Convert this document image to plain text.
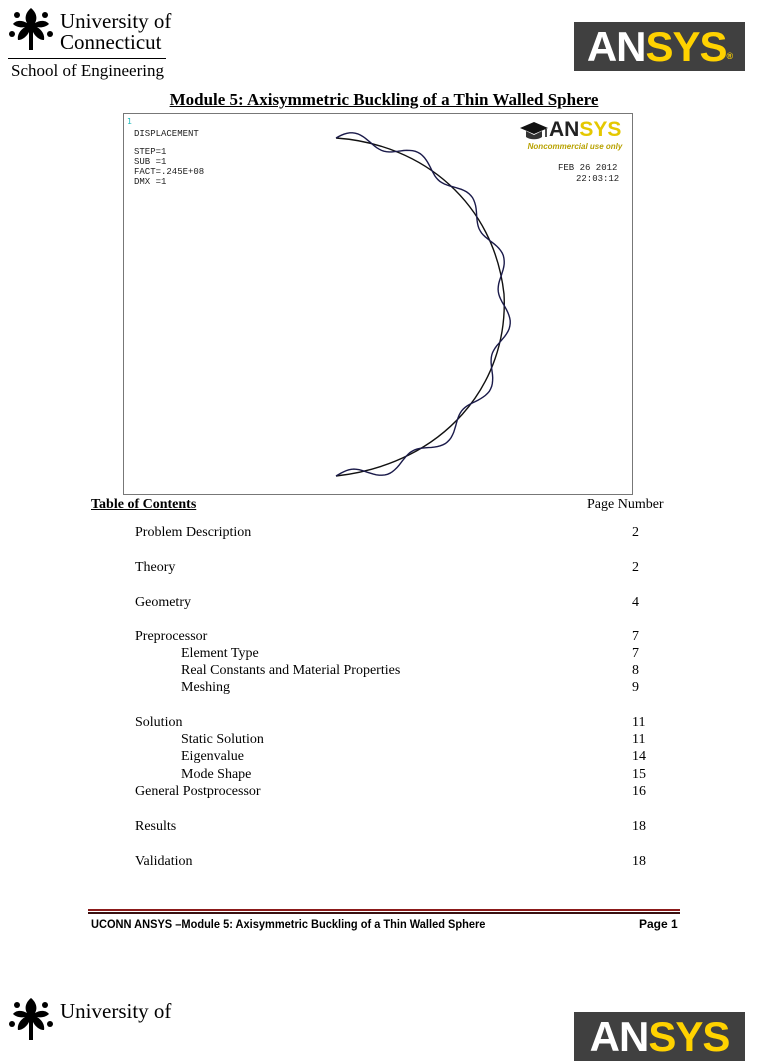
University of
Connecticut
School of Engineering
ANSYS®
Module 5: Axisymmetric Buckling of a Thin Walled Sphere
1
DISPLACEMENT
STEP=1
SUB =1
FACT=.245E+08
DMX =1
FEB 26 2012
22:03:12
ANSYS
Noncommercial use only
Table of Contents	Page Number
Problem Description	2
Theory	2
Geometry	4
Preprocessor	7
Element Type	7
Real Constants and Material Properties	8
Meshing	9
Solution	11
Static Solution	11
Eigenvalue	14
Mode Shape	15
General Postprocessor	16
Results	18
Validation	18
UCONN ANSYS –Module 5: Axisymmetric Buckling of a Thin Walled Sphere	Page 1
University of
ANSYS
